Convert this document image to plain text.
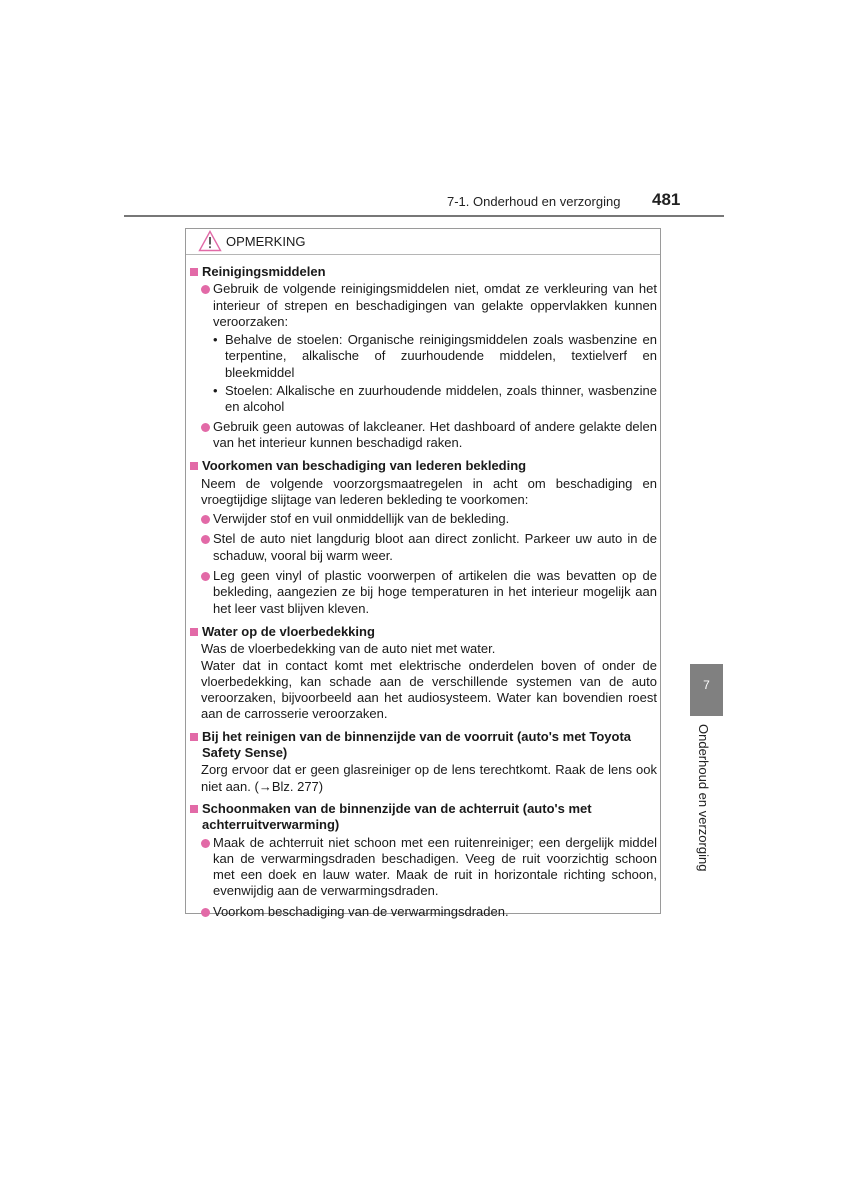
7-1. Onderhoud en verzorging 481
OPMERKING
Reinigingsmiddelen
Gebruik de volgende reinigingsmiddelen niet, omdat ze verkleuring van het interieur of strepen en beschadigingen van gelakte oppervlakken kunnen veroorzaken:
• Behalve de stoelen: Organische reinigingsmiddelen zoals wasbenzine en terpentine, alkalische of zuurhoudende middelen, textielverf en bleekmiddel
• Stoelen: Alkalische en zuurhoudende middelen, zoals thinner, wasbenzine en alcohol
Gebruik geen autowas of lakcleaner. Het dashboard of andere gelakte delen van het interieur kunnen beschadigd raken.
Voorkomen van beschadiging van lederen bekleding

Neem de volgende voorzorgsmaatregelen in acht om beschadiging en vroegtijdige slijtage van lederen bekleding te voorkomen:

Verwijder stof en vuil onmiddellijk van de bekleding.
Stel de auto niet langdurig bloot aan direct zonlicht. Parkeer uw auto in de schaduw, vooral bij warm weer.
Leg geen vinyl of plastic voorwerpen of artikelen die was bevatten op de bekleding, aangezien ze bij hoge temperaturen in het interieur mogelijk aan het leer vast blijven kleven.
Water op de vloerbedekking

Was de vloerbedekking van de auto niet met water.

Water dat in contact komt met elektrische onderdelen boven of onder de vloerbedekking, kan schade aan de verschillende systemen van de auto veroorzaken, bijvoorbeeld aan het audiosysteem. Water kan bovendien roest aan de carrosserie veroorzaken.

Bij het reinigen van de binnenzijde van de voorruit (auto's met Toyota Safety Sense)

Zorg ervoor dat er geen glasreiniger op de lens terechtkomt. Raak de lens ook niet aan. (→Blz. 277)

Schoonmaken van de binnenzijde van de achterruit (auto's met achterruitverwarming)
Maak de achterruit niet schoon met een ruitenreiniger; een dergelijk middel kan de verwarmingsdraden beschadigen. Veeg de ruit voorzichtig schoon met een doek en lauw water. Maak de ruit in horizontale richting schoon, evenwijdig aan de verwarmingsdraden.
Voorkom beschadiging van de verwarmingsdraden.
7
Onderhoud en verzorging
